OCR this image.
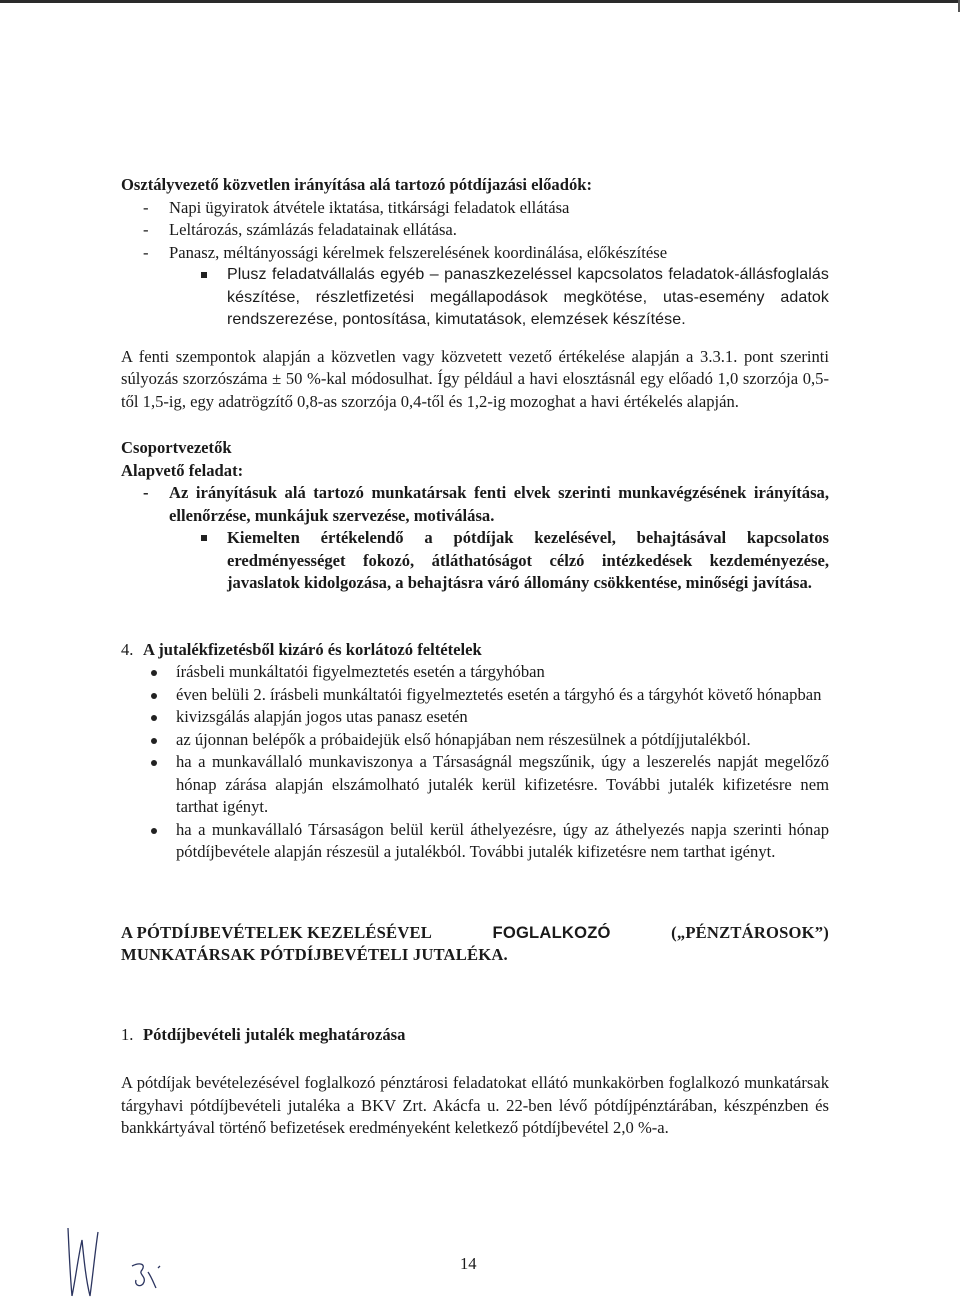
Osztályvezető közvetlen irányítása alá tartozó pótdíjazási előadók:

- Napi ügyiratok átvétele iktatása, titkársági feladatok ellátása
- Leltározás, számlázás feladatainak ellátása.
- Panasz, méltányossági kérelmek felszerelésének koordinálása, előkészítése

Plusz feladatvállalás egyéb – panaszkezeléssel kapcsolatos feladatok-állásfoglalás készítése, részletfizetési megállapodások megkötése, utas-esemény adatok rendszerezése, pontosítása, kimutatások, elemzések készítése.

A fenti szempontok alapján a közvetlen vagy közvetett vezető értékelése alapján a 3.3.1. pont szerinti súlyozás szorzószáma ± 50 %-kal módosulhat. Így például a havi elosztásnál egy előadó 1,0 szorzója 0,5-től 1,5-ig, egy adatrögzítő 0,8-as szorzója 0,4-től és 1,2-ig mozoghat a havi értékelés alapján.

Csoportvezetők

Alapvető feladat:

- Az irányításuk alá tartozó munkatársak fenti elvek szerinti munkavégzésének irányítása, ellenőrzése, munkájuk szervezése, motiválása.

Kiemelten értékelendő a pótdíjak kezelésével, behajtásával kapcsolatos eredményességet fokozó, átláthatóságot célzó intézkedések kezdeményezése, javaslatok kidolgozása, a behajtásra váró állomány csökkentése, minőségi javítása.

4. A jutalékfizetésből kizáró és korlátozó feltételek

írásbeli munkáltatói figyelmeztetés esetén a tárgyhóban

éven belüli 2. írásbeli munkáltatói figyelmeztetés esetén a tárgyhó és a tárgyhót követő hónapban

kivizsgálás alapján jogos utas panasz esetén

az újonnan belépők a próbaidejük első hónapjában nem részesülnek a pótdíjjutalékból.

ha a munkavállaló munkaviszonya a Társaságnál megszűnik, úgy a leszerelés napját megelőző hónap zárása alapján elszámolható jutalék kerül kifizetésre. További jutalék kifizetésre nem tarthat igényt.

ha a munkavállaló Társaságon belül kerül áthelyezésre, úgy az áthelyezés napja szerinti hónap pótdíjbevétele alapján részesül a jutalékból. További jutalék kifizetésre nem tarthat igényt.

A PÓTDÍJBEVÉTELEK KEZELÉSÉVEL	FOGLALKOZÓ	(„PÉNZTÁROSOK”)
MUNKATÁRSAK PÓTDÍJBEVÉTELI JUTALÉKA.
1. Pótdíjbevételi jutalék meghatározása

A pótdíjak bevételezésével foglalkozó pénztárosi feladatokat ellátó munkakörben foglalkozó munkatársak tárgyhavi pótdíjbevételi jutaléka a BKV Zrt. Akácfa u. 22-ben lévő pótdíjpénztárában, készpénzben és bankkártyával történő befizetések eredményeként keletkező pótdíjbevétel 2,0 %-a.

14
